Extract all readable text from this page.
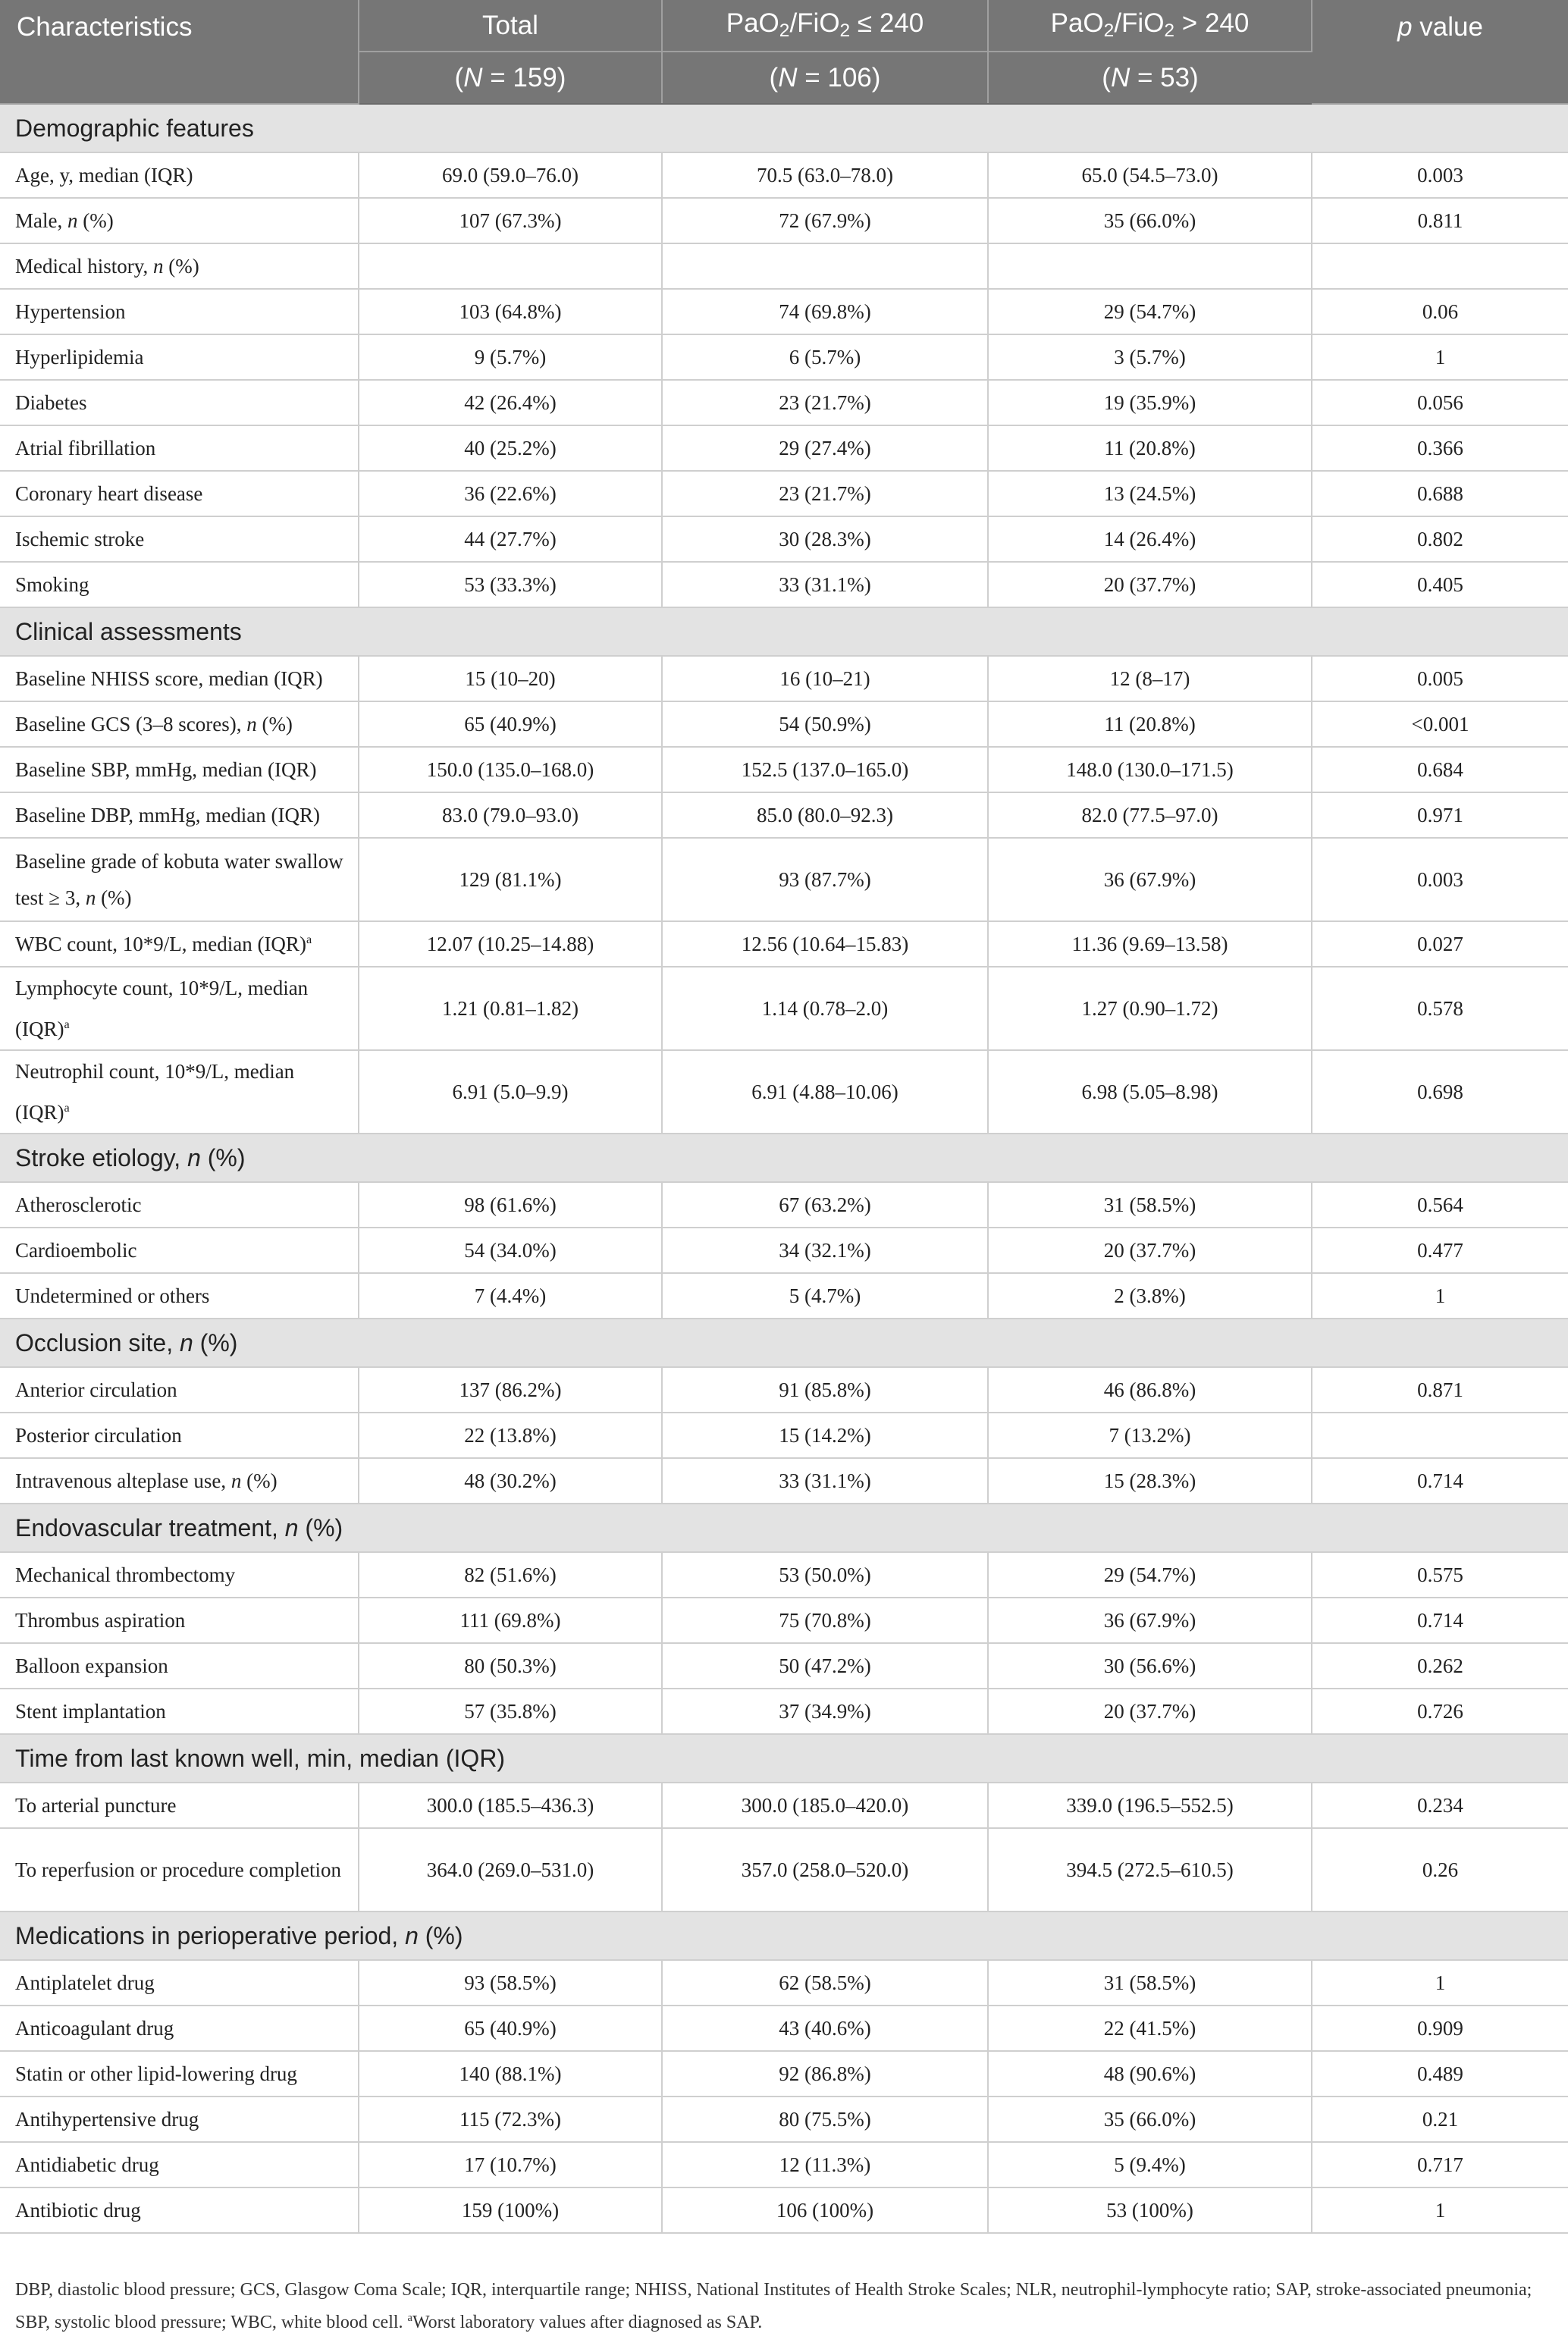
Characteristics	Total	PaO$_2$/FiO$_2$ ≤ 240	PaO$_2$/FiO$_2$ > 240	p value
	(N = 159)	(N = 106)	(N = 53)	
Demographic features				
Age, y, median (IQR)	69.0 (59.0–76.0)	70.5 (63.0–78.0)	65.0 (54.5–73.0)	0.003
Male, n (%)	107 (67.3%)	72 (67.9%)	35 (66.0%)	0.811
Medical history, n (%)				
Hypertension	103 (64.8%)	74 (69.8%)	29 (54.7%)	0.06
Hyperlipidemia	9 (5.7%)	6 (5.7%)	3 (5.7%)	1
Diabetes	42 (26.4%)	23 (21.7%)	19 (35.9%)	0.056
Atrial fibrillation	40 (25.2%)	29 (27.4%)	11 (20.8%)	0.366
Coronary heart disease	36 (22.6%)	23 (21.7%)	13 (24.5%)	0.688
Ischemic stroke	44 (27.7%)	30 (28.3%)	14 (26.4%)	0.802
Smoking	53 (33.3%)	33 (31.1%)	20 (37.7%)	0.405
Clinical assessments				
Baseline NHISS score, median (IQR)	15 (10–20)	16 (10–21)	12 (8–17)	0.005
Baseline GCS (3–8 scores), n (%)	65 (40.9%)	54 (50.9%)	11 (20.8%)	<0.001
Baseline SBP, mmHg, median (IQR)	150.0 (135.0–168.0)	152.5 (137.0–165.0)	148.0 (130.0–171.5)	0.684
Baseline DBP, mmHg, median (IQR)	83.0 (79.0–93.0)	85.0 (80.0–92.3)	82.0 (77.5–97.0)	0.971
Baseline grade of kobuta water swallow test ≥ 3, n (%)	129 (81.1%)	93 (87.7%)	36 (67.9%)	0.003
WBC count, 10*9/L, median (IQR)$^a$	12.07 (10.25–14.88)	12.56 (10.64–15.83)	11.36 (9.69–13.58)	0.027
Lymphocyte count, 10*9/L, median (IQR)$^a$	1.21 (0.81–1.82)	1.14 (0.78–2.0)	1.27 (0.90–1.72)	0.578
Neutrophil count, 10*9/L, median (IQR)$^a$	6.91 (5.0–9.9)	6.91 (4.88–10.06)	6.98 (5.05–8.98)	0.698
Stroke etiology, n (%)				
Atherosclerotic	98 (61.6%)	67 (63.2%)	31 (58.5%)	0.564
Cardioembolic	54 (34.0%)	34 (32.1%)	20 (37.7%)	0.477
Undetermined or others	7 (4.4%)	5 (4.7%)	2 (3.8%)	1
Occlusion site, n (%)				
Anterior circulation	137 (86.2%)	91 (85.8%)	46 (86.8%)	0.871
Posterior circulation	22 (13.8%)	15 (14.2%)	7 (13.2%)	
Intravenous alteplase use, n (%)	48 (30.2%)	33 (31.1%)	15 (28.3%)	0.714
Endovascular treatment, n (%)				
Mechanical thrombectomy	82 (51.6%)	53 (50.0%)	29 (54.7%)	0.575
Thrombus aspiration	111 (69.8%)	75 (70.8%)	36 (67.9%)	0.714
Balloon expansion	80 (50.3%)	50 (47.2%)	30 (56.6%)	0.262
Stent implantation	57 (35.8%)	37 (34.9%)	20 (37.7%)	0.726
Time from last known well, min, median (IQR)				
To arterial puncture	300.0 (185.5–436.3)	300.0 (185.0–420.0)	339.0 (196.5–552.5)	0.234
To reperfusion or procedure completion	364.0 (269.0–531.0)	357.0 (258.0–520.0)	394.5 (272.5–610.5)	0.26
Medications in perioperative period, n (%)				
Antiplatelet drug	93 (58.5%)	62 (58.5%)	31 (58.5%)	1
Anticoagulant drug	65 (40.9%)	43 (40.6%)	22 (41.5%)	0.909
Statin or other lipid-lowering drug	140 (88.1%)	92 (86.8%)	48 (90.6%)	0.489
Antihypertensive drug	115 (72.3%)	80 (75.5%)	35 (66.0%)	0.21
Antidiabetic drug	17 (10.7%)	12 (11.3%)	5 (9.4%)	0.717
Antibiotic drug	159 (100%)	106 (100%)	53 (100%)	1
DBP, diastolic blood pressure; GCS, Glasgow Coma Scale; IQR, interquartile range; NHISS, National Institutes of Health Stroke Scales; NLR, neutrophil-lymphocyte ratio; SAP, stroke-associated pneumonia; SBP, systolic blood pressure; WBC, white blood cell. $^a$Worst laboratory values after diagnosed as SAP.
